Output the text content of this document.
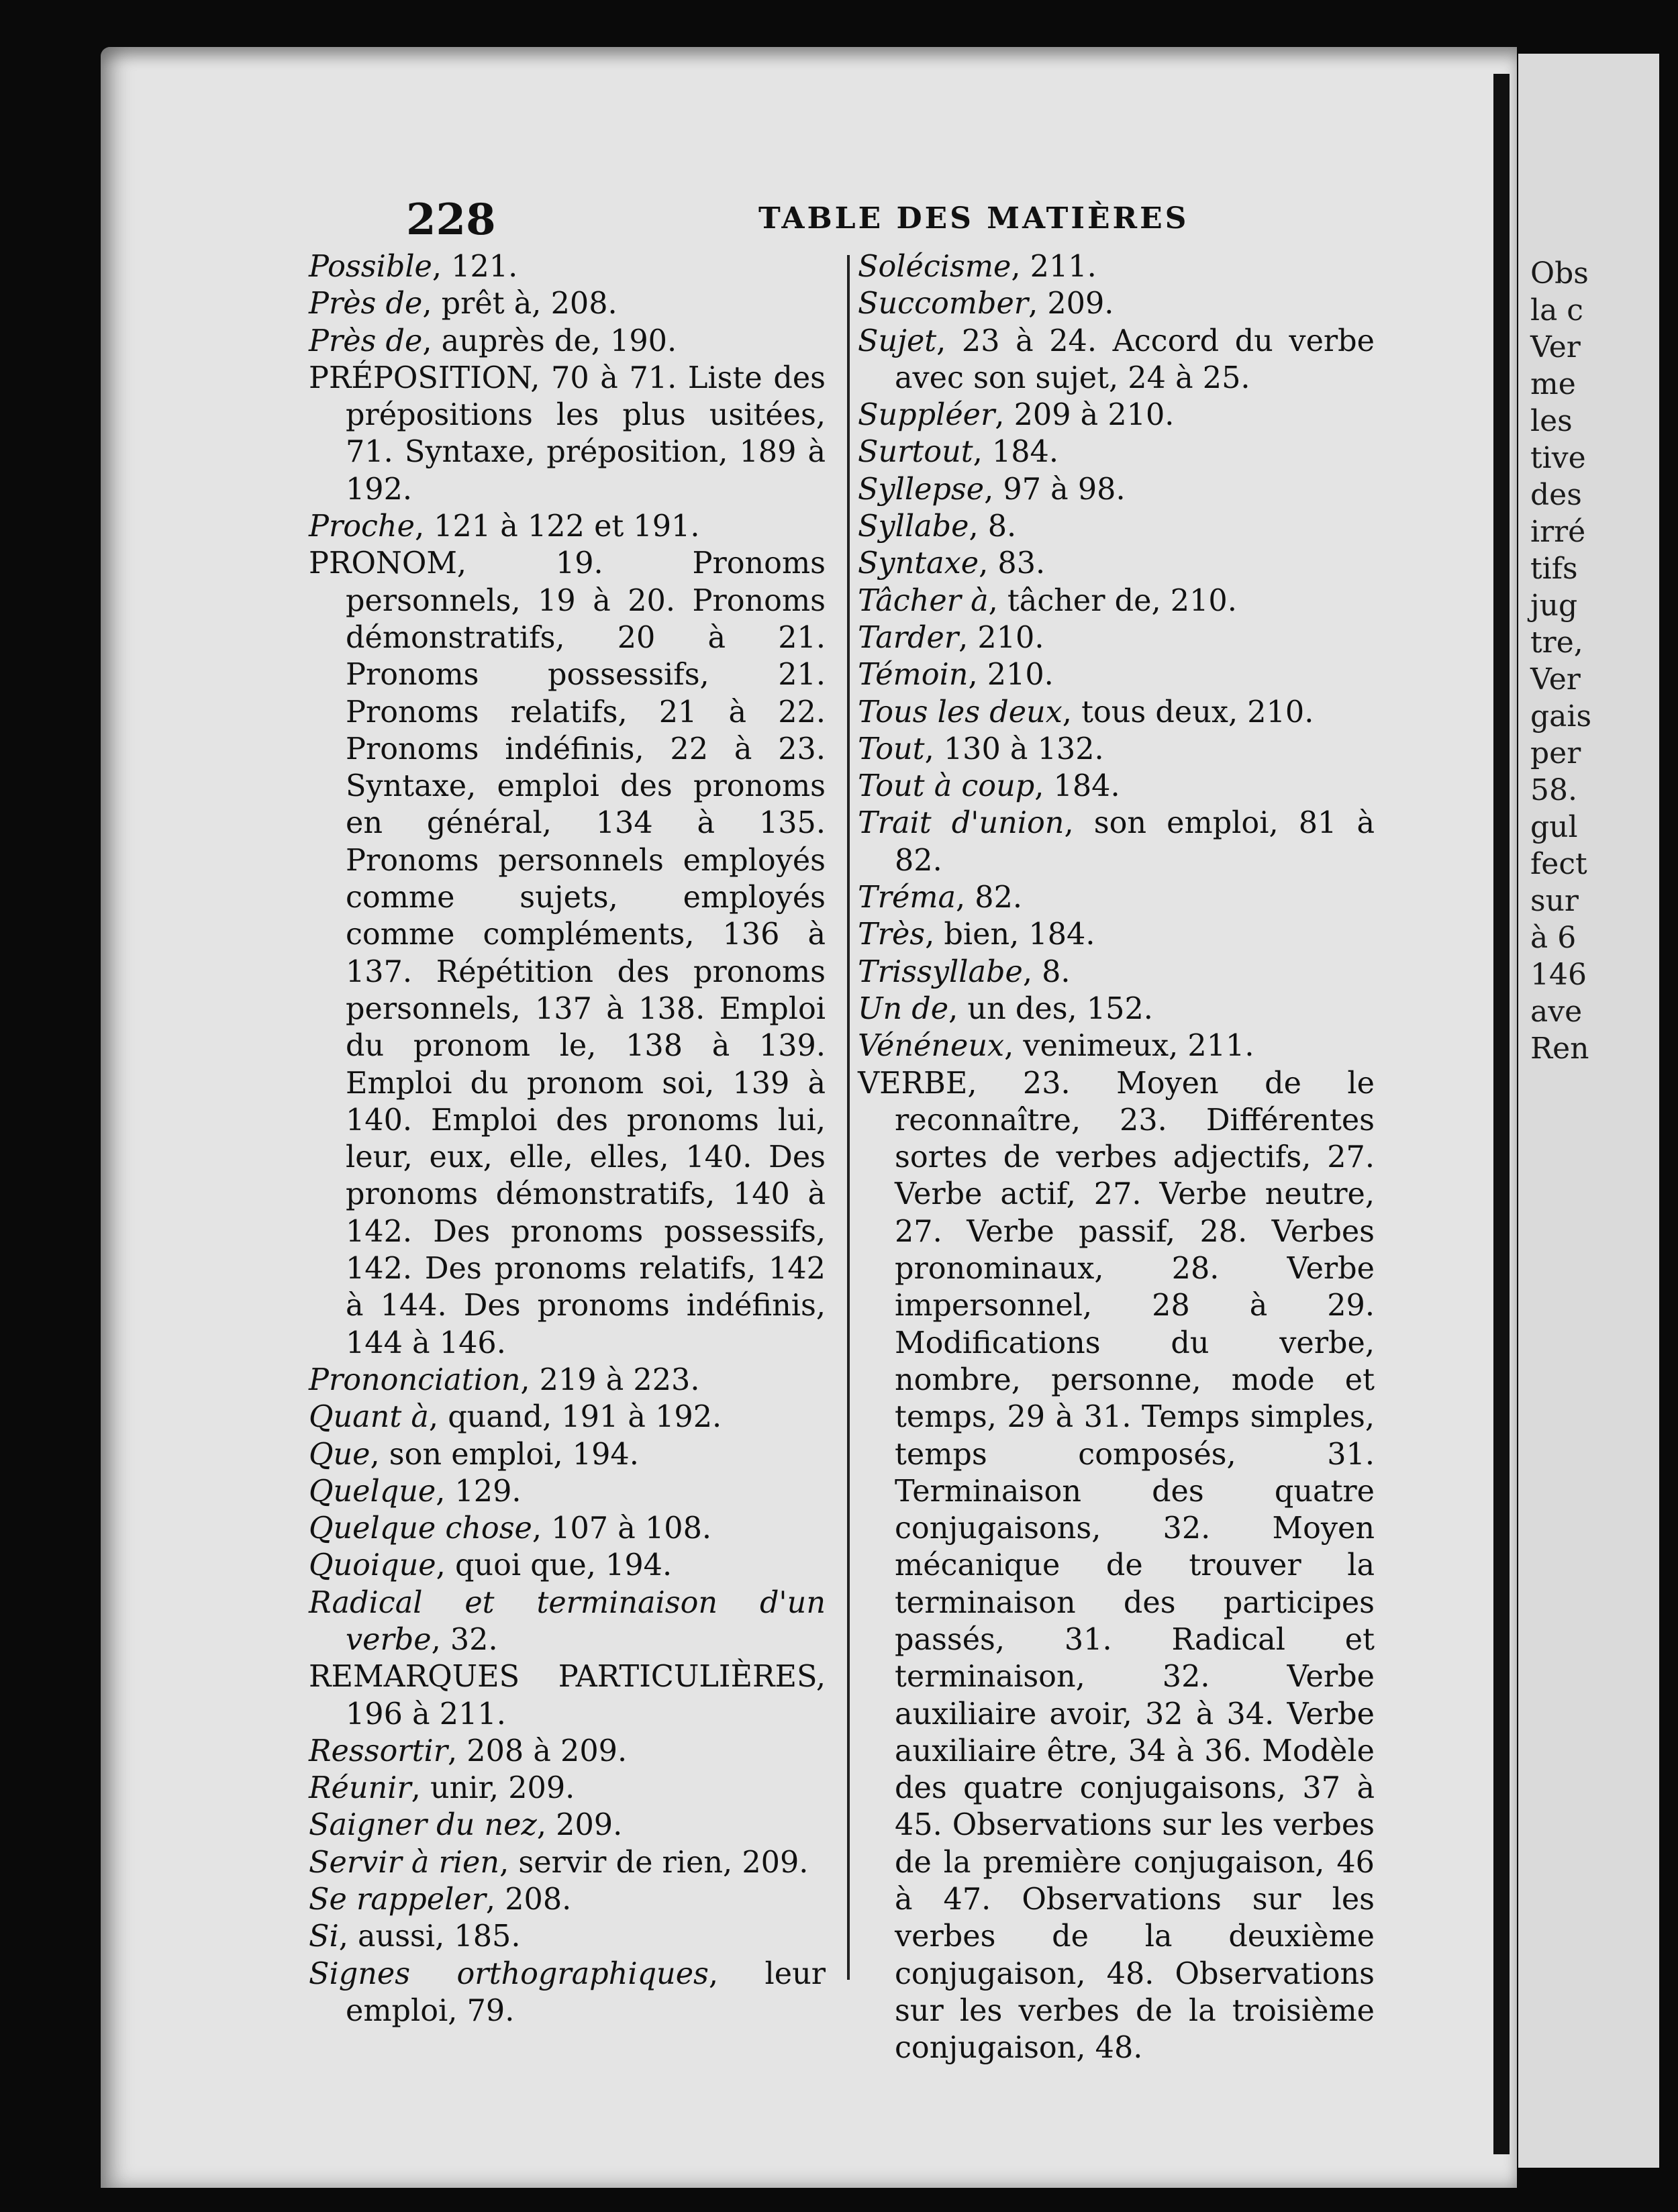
228	TABLE DES MATIÈRES

Possible, 121.

Près de, prêt à, 208.

Près de, auprès de, 190.

PRÉPOSITION, 70 à 71. Liste des prépositions les plus usitées, 71. Syntaxe, préposition, 189 à 192.

Proche, 121 à 122 et 191.

PRONOM, 19. Pronoms personnels, 19 à 20. Pronoms démonstratifs, 20 à 21. Pronoms possessifs, 21. Pronoms relatifs, 21 à 22. Pronoms indéfinis, 22 à 23. Syntaxe, emploi des pronoms en général, 134 à 135. Pronoms personnels employés comme sujets, employés comme compléments, 136 à 137. Répétition des pronoms personnels, 137 à 138. Emploi du pronom le, 138 à 139. Emploi du pronom soi, 139 à 140. Emploi des pronoms lui, leur, eux, elle, elles, 140. Des pronoms démonstratifs, 140 à 142. Des pronoms possessifs, 142. Des pronoms relatifs, 142 à 144. Des pronoms indéfinis, 144 à 146.

Prononciation, 219 à 223.

Quant à, quand, 191 à 192.

Que, son emploi, 194.

Quelque, 129.

Quelque chose, 107 à 108.

Quoique, quoi que, 194.

Radical et terminaison d'un verbe, 32.

REMARQUES PARTICULIÈRES, 196 à 211.

Ressortir, 208 à 209.

Réunir, unir, 209.

Saigner du nez, 209.

Servir à rien, servir de rien, 209.

Se rappeler, 208.

Si, aussi, 185.

Signes orthographiques, leur emploi, 79.

Solécisme, 211.

Succomber, 209.

Sujet, 23 à 24. Accord du verbe avec son sujet, 24 à 25.

Suppléer, 209 à 210.

Surtout, 184.

Syllepse, 97 à 98.

Syllabe, 8.

Syntaxe, 83.

Tâcher à, tâcher de, 210.

Tarder, 210.

Témoin, 210.

Tous les deux, tous deux, 210.

Tout, 130 à 132.

Tout à coup, 184.

Trait d'union, son emploi, 81 à 82.

Tréma, 82.

Très, bien, 184.

Trissyllabe, 8.

Un de, un des, 152.

Vénéneux, venimeux, 211.

VERBE, 23. Moyen de le reconnaître, 23. Différentes sortes de verbes adjectifs, 27. Verbe actif, 27. Verbe neutre, 27. Verbe passif, 28. Verbes pronominaux, 28. Verbe impersonnel, 28 à 29. Modifications du verbe, nombre, personne, mode et temps, 29 à 31. Temps simples, temps composés, 31. Terminaison des quatre conjugaisons, 32. Moyen mécanique de trouver la terminaison des participes passés, 31. Radical et terminaison, 32. Verbe auxiliaire avoir, 32 à 34. Verbe auxiliaire être, 34 à 36. Modèle des quatre conjugaisons, 37 à 45. Observations sur les verbes de la première conjugaison, 46 à 47. Observations sur les verbes de la deuxième conjugaison, 48. Observations sur les verbes de la troisième conjugaison, 48.

Obs
la c
Ver
me
les
tive
des
irré
tifs
jug
tre,
Ver
gais
per
58.
gul
fect
sur
à 6
146
ave
Ren
